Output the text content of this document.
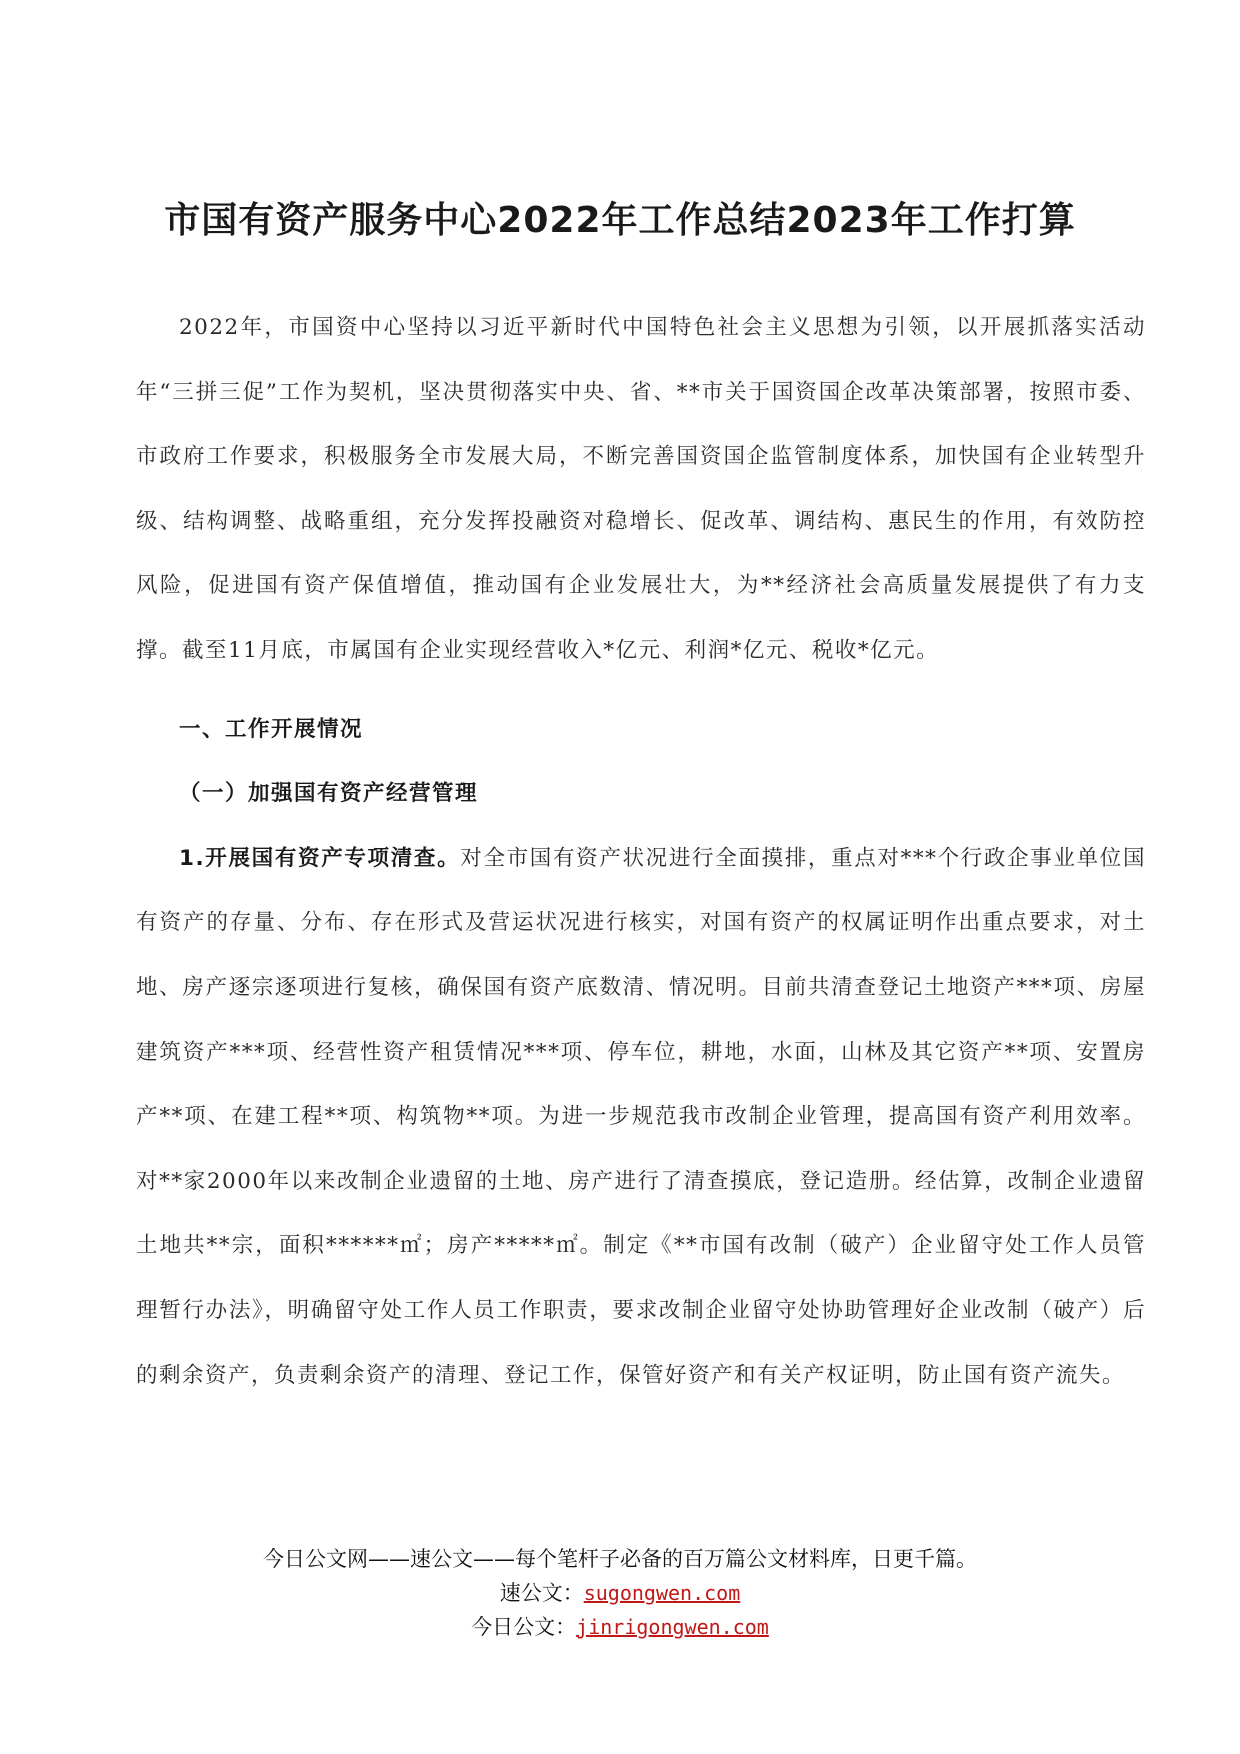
市国有资产服务中心2022年工作总结2023年工作打算

2022年，市国资中心坚持以习近平新时代中国特色社会主义思想为引领，以开展抓落实活动年“三拼三促”工作为契机，坚决贯彻落实中央、省、**市关于国资国企改革决策部署，按照市委、市政府工作要求，积极服务全市发展大局，不断完善国资国企监管制度体系，加快国有企业转型升级、结构调整、战略重组，充分发挥投融资对稳增长、促改革、调结构、惠民生的作用，有效防控风险，促进国有资产保值增值，推动国有企业发展壮大，为**经济社会高质量发展提供了有力支撑。截至11月底，市属国有企业实现经营收入*亿元、利润*亿元、税收*亿元。

一、工作开展情况

（一）加强国有资产经营管理

1.开展国有资产专项清查。对全市国有资产状况进行全面摸排，重点对***个行政企事业单位国有资产的存量、分布、存在形式及营运状况进行核实，对国有资产的权属证明作出重点要求，对土地、房产逐宗逐项进行复核，确保国有资产底数清、情况明。目前共清查登记土地资产***项、房屋建筑资产***项、经营性资产租赁情况***项、停车位，耕地，水面，山林及其它资产**项、安置房产**项、在建工程**项、构筑物**项。为进一步规范我市改制企业管理，提高国有资产利用效率。对**家2000年以来改制企业遗留的土地、房产进行了清查摸底，登记造册。经估算，改制企业遗留土地共**宗，面积******㎡；房产*****㎡。制定《**市国有改制（破产）企业留守处工作人员管理暂行办法》，明确留守处工作人员工作职责，要求改制企业留守处协助管理好企业改制（破产）后的剩余资产，负责剩余资产的清理、登记工作，保管好资产和有关产权证明，防止国有资产流失。

今日公文网——速公文——每个笔杆子必备的百万篇公文材料库，日更千篇。
速公文：sugongwen.com
今日公文：jinrigongwen.com
